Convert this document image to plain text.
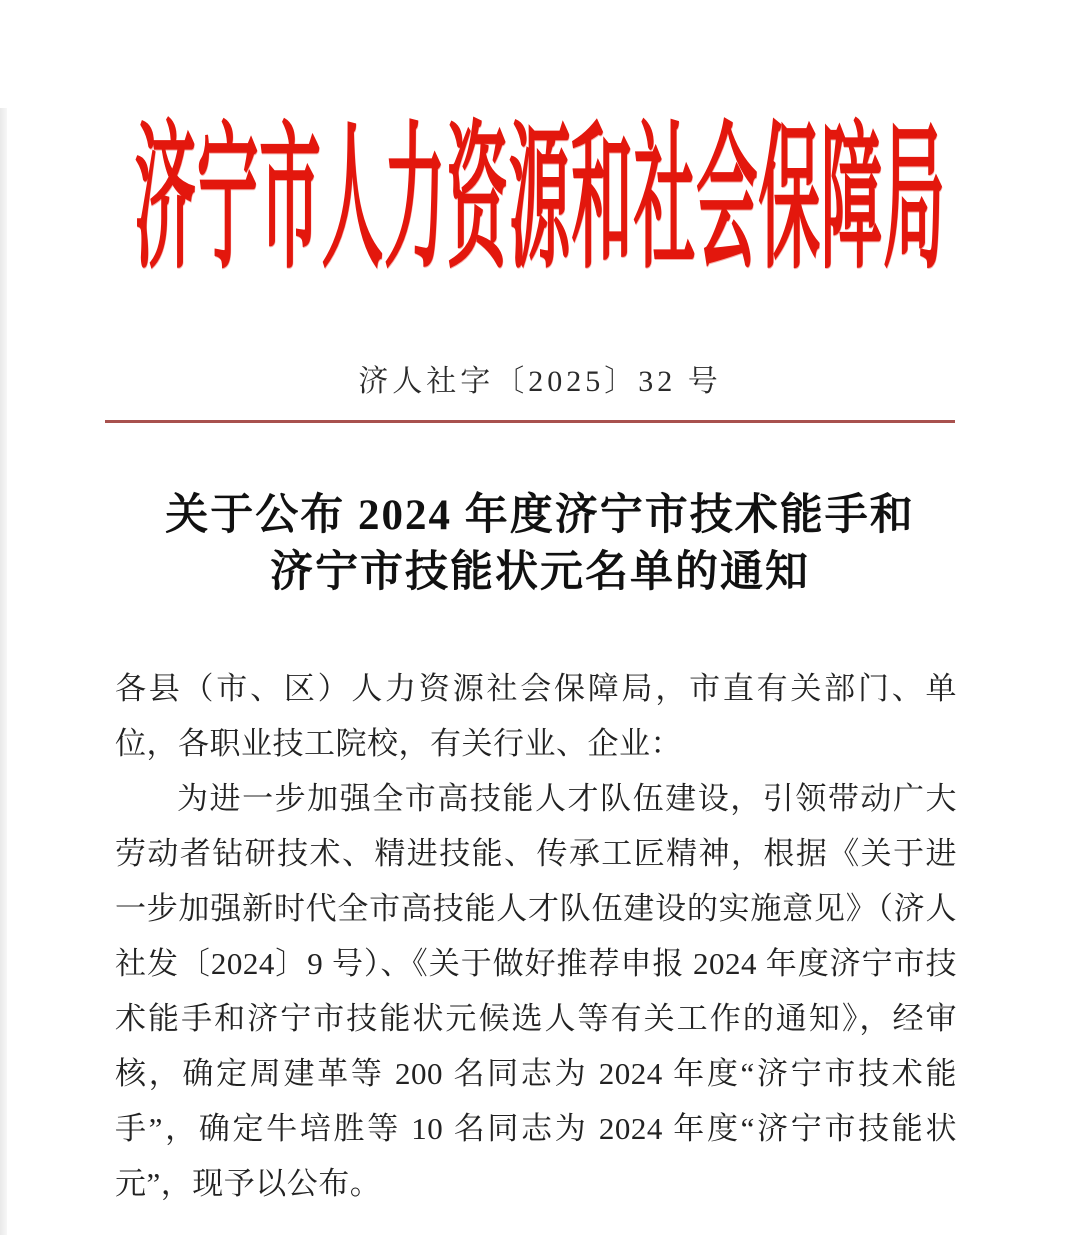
济宁市人力资源和社会保障局
济人社字〔2025〕32 号
关于公布 2024 年度济宁市技术能手和
济宁市技能状元名单的通知

各县（市、区）人力资源社会保障局，市直有关部门、单位，各职业技工院校，有关行业、企业：

为进一步加强全市高技能人才队伍建设，引领带动广大劳动者钻研技术、精进技能、传承工匠精神，根据《关于进一步加强新时代全市高技能人才队伍建设的实施意见》（济人社发〔2024〕9 号）、《关于做好推荐申报 2024 年度济宁市技术能手和济宁市技能状元候选人等有关工作的通知》，经审核，确定周建革等 200 名同志为 2024 年度“济宁市技术能手”，确定牛培胜等 10 名同志为 2024 年度“济宁市技能状元”，现予以公布。
